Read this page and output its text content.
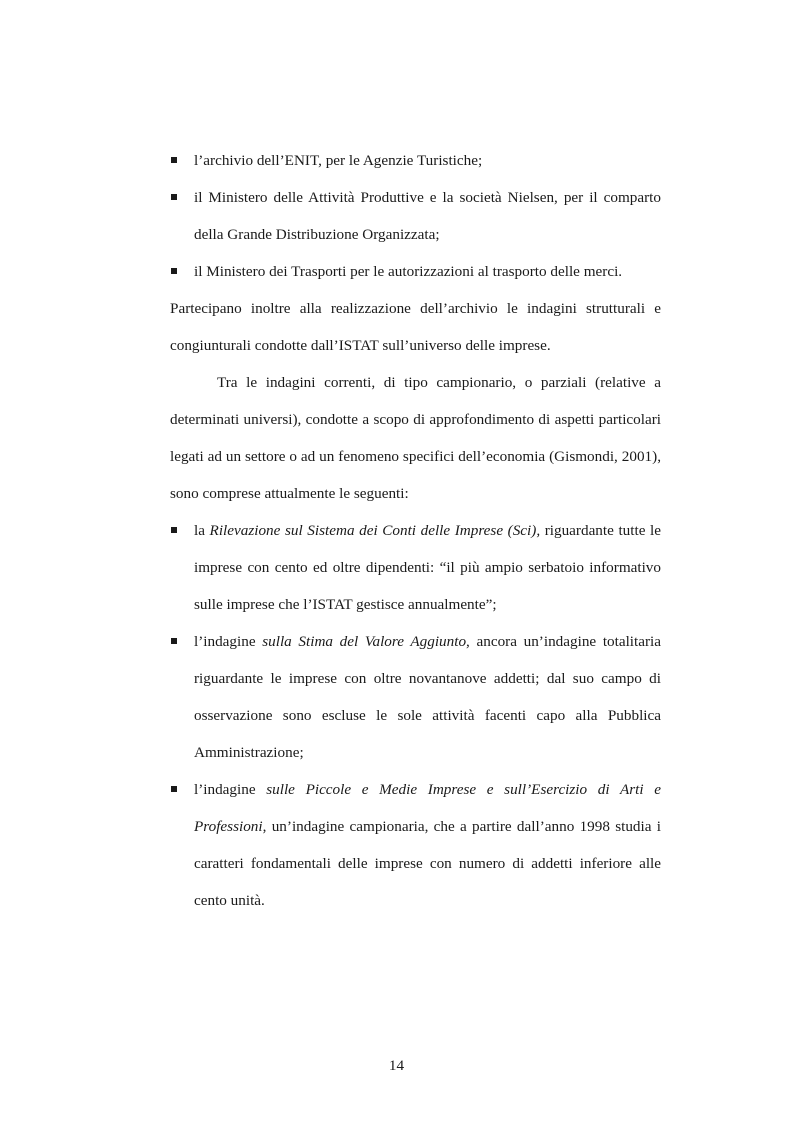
l’archivio dell’ENIT, per le Agenzie Turistiche;
il Ministero delle Attività Produttive e la società Nielsen, per il comparto della Grande Distribuzione Organizzata;
il Ministero dei Trasporti per le autorizzazioni al trasporto delle merci.

Partecipano inoltre alla realizzazione dell’archivio le indagini strutturali e congiunturali condotte dall’ISTAT sull’universo delle imprese.

Tra le indagini correnti, di tipo campionario, o parziali (relative a determinati universi), condotte a scopo di approfondimento di aspetti particolari legati ad un settore o ad un fenomeno specifici dell’economia (Gismondi, 2001), sono comprese attualmente le seguenti:

la Rilevazione sul Sistema dei Conti delle Imprese (Sci), riguardante tutte le imprese con cento ed oltre dipendenti: “il più ampio serbatoio informativo sulle imprese che l’ISTAT gestisce annualmente”;
l’indagine sulla Stima del Valore Aggiunto, ancora un’indagine totalitaria riguardante le imprese con oltre novantanove addetti; dal suo campo di osservazione sono escluse le sole attività facenti capo alla Pubblica Amministrazione;
l’indagine sulle Piccole e Medie Imprese e sull’Esercizio di Arti e Professioni, un’indagine campionaria, che a partire dall’anno 1998 studia i caratteri fondamentali delle imprese con numero di addetti inferiore alle cento unità.
14
